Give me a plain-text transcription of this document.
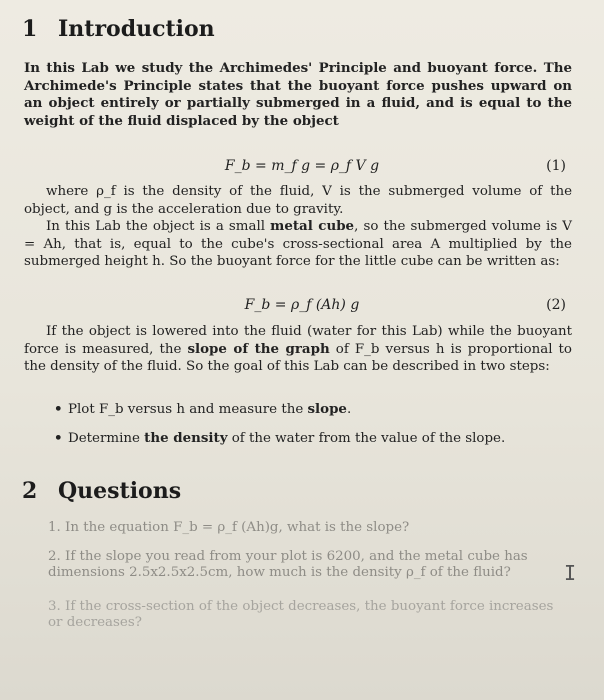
1 Introduction
In this Lab we study the Archimedes' Principle and buoyant force. The Archimede's Principle states that the buoyant force pushes upward on an object entirely or partially submerged in a fluid, and is equal to the weight of the fluid displaced by the object
F_b = m_f g = ρ_f V g	(1)
where ρ_f is the density of the fluid, V is the submerged volume of the object, and g is the acceleration due to gravity.
In this Lab the object is a small metal cube, so the submerged volume is V = Ah, that is, equal to the cube's cross-sectional area A multiplied by the submerged height h. So the buoyant force for the little cube can be written as:
F_b = ρ_f (Ah) g	(2)
If the object is lowered into the fluid (water for this Lab) while the buoyant force is measured, the slope of the graph of F_b versus h is proportional to the density of the fluid. So the goal of this Lab can be described in two steps:
• Plot F_b versus h and measure the slope.
• Determine the density of the water from the value of the slope.
2 Questions
1. In the equation F_b = ρ_f (Ah)g, what is the slope?
2. If the slope you read from your plot is 6200, and the metal cube has dimensions 2.5x2.5x2.5cm, how much is the density ρ_f of the fluid?
3. If the cross-section of the object decreases, the buoyant force increases or decreases?
I
